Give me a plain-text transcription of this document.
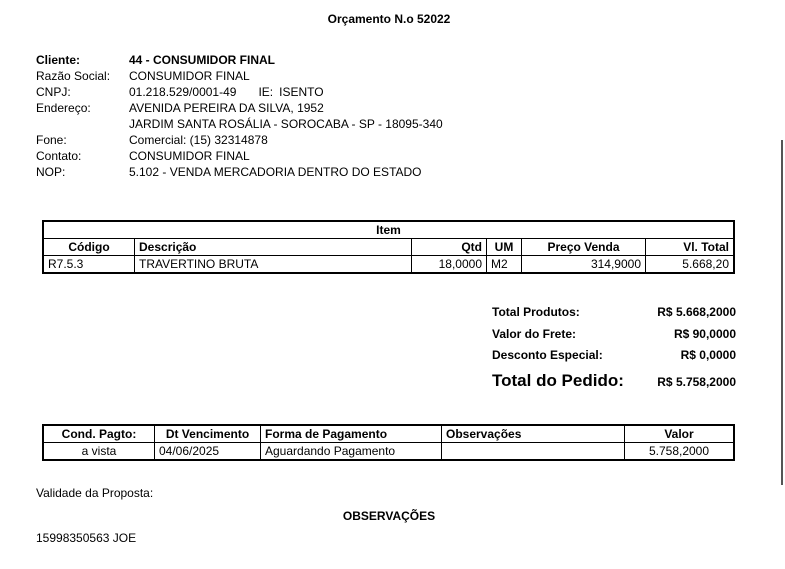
Orçamento N.o 52022
Cliente:	44 - CONSUMIDOR FINAL
Razão Social:	CONSUMIDOR FINAL
CNPJ:	01.218.529/0001-49 IE: ISENTO
Endereço:	AVENIDA PEREIRA DA SILVA, 1952
JARDIM SANTA ROSÁLIA - SOROCABA - SP - 18095-340
Fone:	Comercial: (15) 32314878
Contato:	CONSUMIDOR FINAL
NOP:	5.102 - VENDA MERCADORIA DENTRO DO ESTADO
Item					
Código	Descrição	Qtd	UM	Preço Venda	Vl. Total
R7.5.3	TRAVERTINO BRUTA	18,0000	M2	314,9000	5.668,20
Total Produtos:	R$ 5.668,2000
Valor do Frete:	R$ 90,0000
Desconto Especial:	R$ 0,0000
Total do Pedido:	R$ 5.758,2000
Cond. Pagto:	Dt Vencimento	Forma de Pagamento	Observações	Valor
a vista	04/06/2025	Aguardando Pagamento		5.758,2000
Validade da Proposta:
OBSERVAÇÕES
15998350563 JOE
